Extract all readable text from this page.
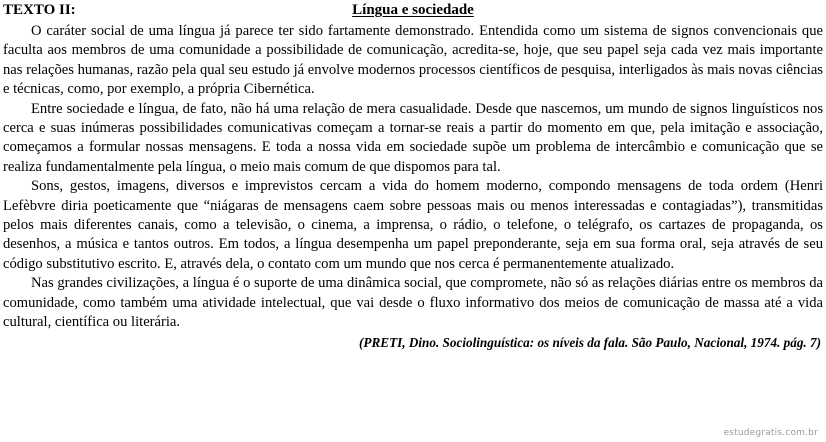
TEXTO II:	Língua e sociedade

O caráter social de uma língua já parece ter sido fartamente demonstrado. Entendida como um sistema de signos convencionais que faculta aos membros de uma comunidade a possibilidade de comunicação, acredita-se, hoje, que seu papel seja cada vez mais importante nas relações humanas, razão pela qual seu estudo já envolve modernos processos científicos de pesquisa, interligados às mais novas ciências e técnicas, como, por exemplo, a própria Cibernética.

Entre sociedade e língua, de fato, não há uma relação de mera casualidade. Desde que nascemos, um mundo de signos linguísticos nos cerca e suas inúmeras possibilidades comunicativas começam a tornar-se reais a partir do momento em que, pela imitação e associação, começamos a formular nossas mensagens. E toda a nossa vida em sociedade supõe um problema de intercâmbio e comunicação que se realiza fundamentalmente pela língua, o meio mais comum de que dispomos para tal.

Sons, gestos, imagens, diversos e imprevistos cercam a vida do homem moderno, compondo mensagens de toda ordem (Henri Lefèbvre diria poeticamente que “niágaras de mensagens caem sobre pessoas mais ou menos interessadas e contagiadas”), transmitidas pelos mais diferentes canais, como a televisão, o cinema, a imprensa, o rádio, o telefone, o telégrafo, os cartazes de propaganda, os desenhos, a música e tantos outros. Em todos, a língua desempenha um papel preponderante, seja em sua forma oral, seja através de seu código substitutivo escrito. E, através dela, o contato com um mundo que nos cerca é permanentemente atualizado.

Nas grandes civilizações, a língua é o suporte de uma dinâmica social, que compromete, não só as relações diárias entre os membros da comunidade, como também uma atividade intelectual, que vai desde o fluxo informativo dos meios de comunicação de massa até a vida cultural, científica ou literária.

(PRETI, Dino. Sociolinguística: os níveis da fala. São Paulo, Nacional, 1974. pág. 7)

estudegratis.com.br
